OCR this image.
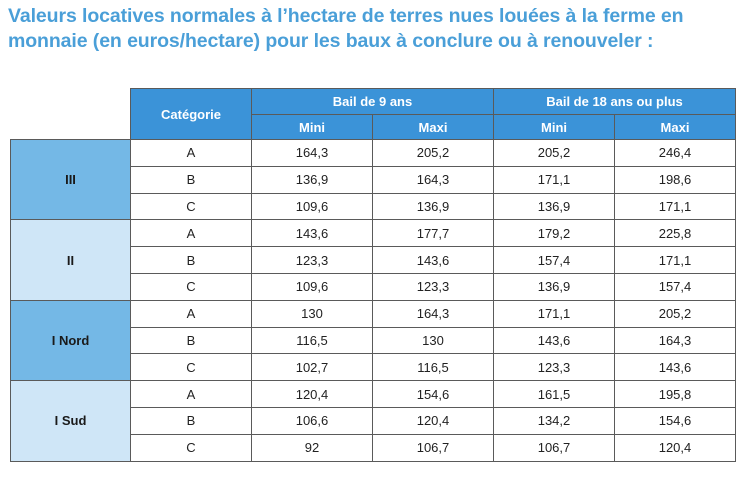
Valeurs locatives normales à l’hectare de terres nues louées à la ferme en
monnaie (en euros/hectare) pour les baux à conclure ou à renouveler :
	Catégorie	Bail de 9 ans		Bail de 18 ans ou plus	
		Mini	Maxi	Mini	Maxi
III	A	164,3	205,2	205,2	246,4
	B	136,9	164,3	171,1	198,6
	C	109,6	136,9	136,9	171,1
II	A	143,6	177,7	179,2	225,8
	B	123,3	143,6	157,4	171,1
	C	109,6	123,3	136,9	157,4
I Nord	A	130	164,3	171,1	205,2
	B	116,5	130	143,6	164,3
	C	102,7	116,5	123,3	143,6
I Sud	A	120,4	154,6	161,5	195,8
	B	106,6	120,4	134,2	154,6
	C	92	106,7	106,7	120,4
